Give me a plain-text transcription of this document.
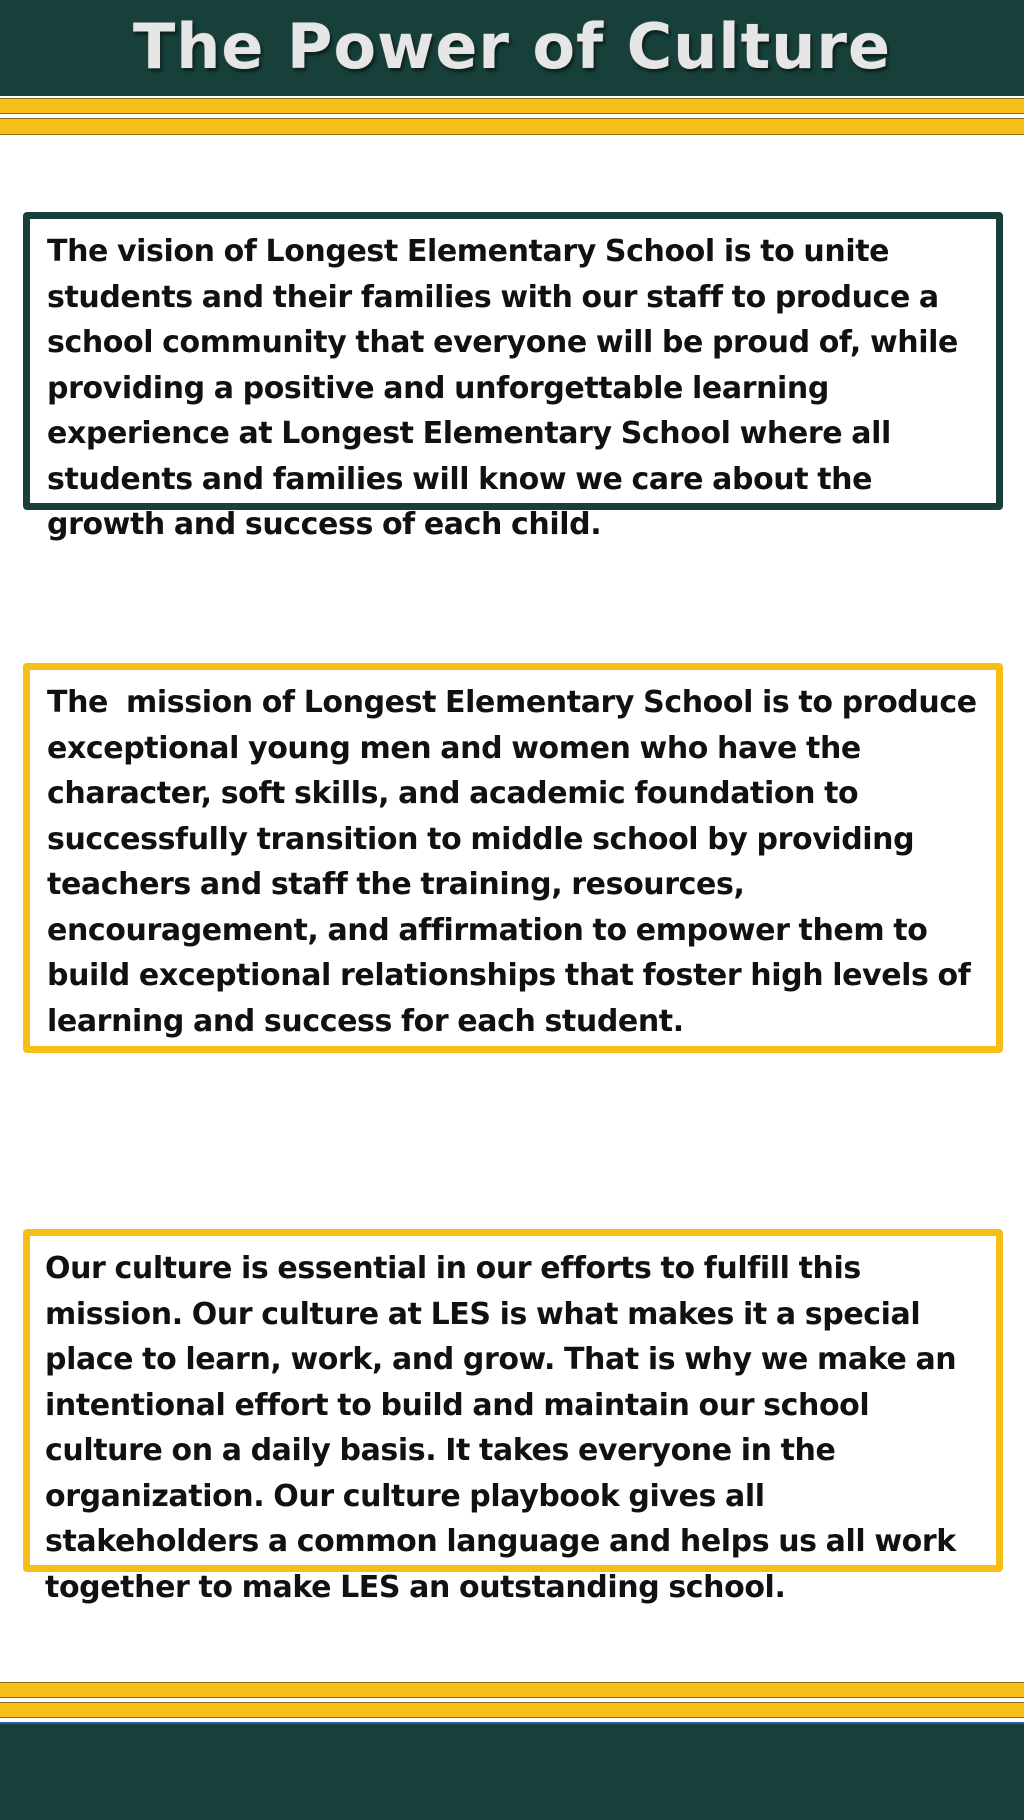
The Power of Culture
The vision of Longest Elementary School is to unite students and their families with our staff to produce a school community that everyone will be proud of, while providing a positive and unforgettable learning experience at Longest Elementary School where all students and families will know we care about the growth and success of each child.
The  mission of Longest Elementary School is to produce exceptional young men and women who have the character, soft skills, and academic foundation to successfully transition to middle school by providing teachers and staff the training, resources, encouragement, and affirmation to empower them to build exceptional relationships that foster high levels of learning and success for each student.
Our culture is essential in our efforts to fulfill this mission. Our culture at LES is what makes it a special place to learn, work, and grow. That is why we make an intentional effort to build and maintain our school culture on a daily basis. It takes everyone in the organization. Our culture playbook gives all stakeholders a common language and helps us all work together to make LES an outstanding school.
